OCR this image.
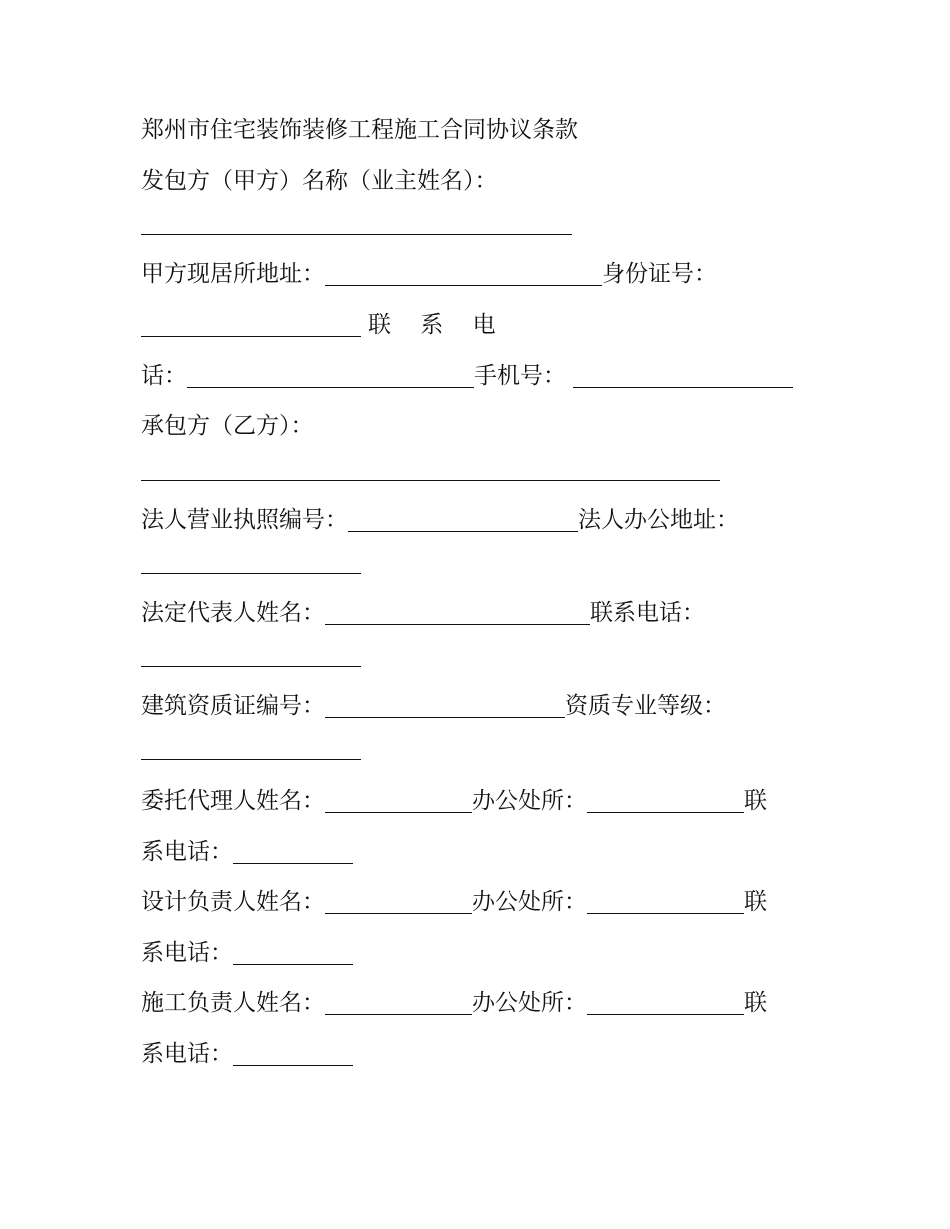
郑州市住宅装饰装修工程施工合同协议条款
发包方（甲方）名称（业主姓名）：
甲方现居所地址：	身份证号：
联 系 电
话：	手机号：
承包方（乙方）：
法人营业执照编号：	法人办公地址：
法定代表人姓名：	联系电话：
建筑资质证编号：	资质专业等级：
委托代理人姓名：	办公处所：	联
系电话：
设计负责人姓名：	办公处所：	联
系电话：
施工负责人姓名：	办公处所：	联
系电话：
